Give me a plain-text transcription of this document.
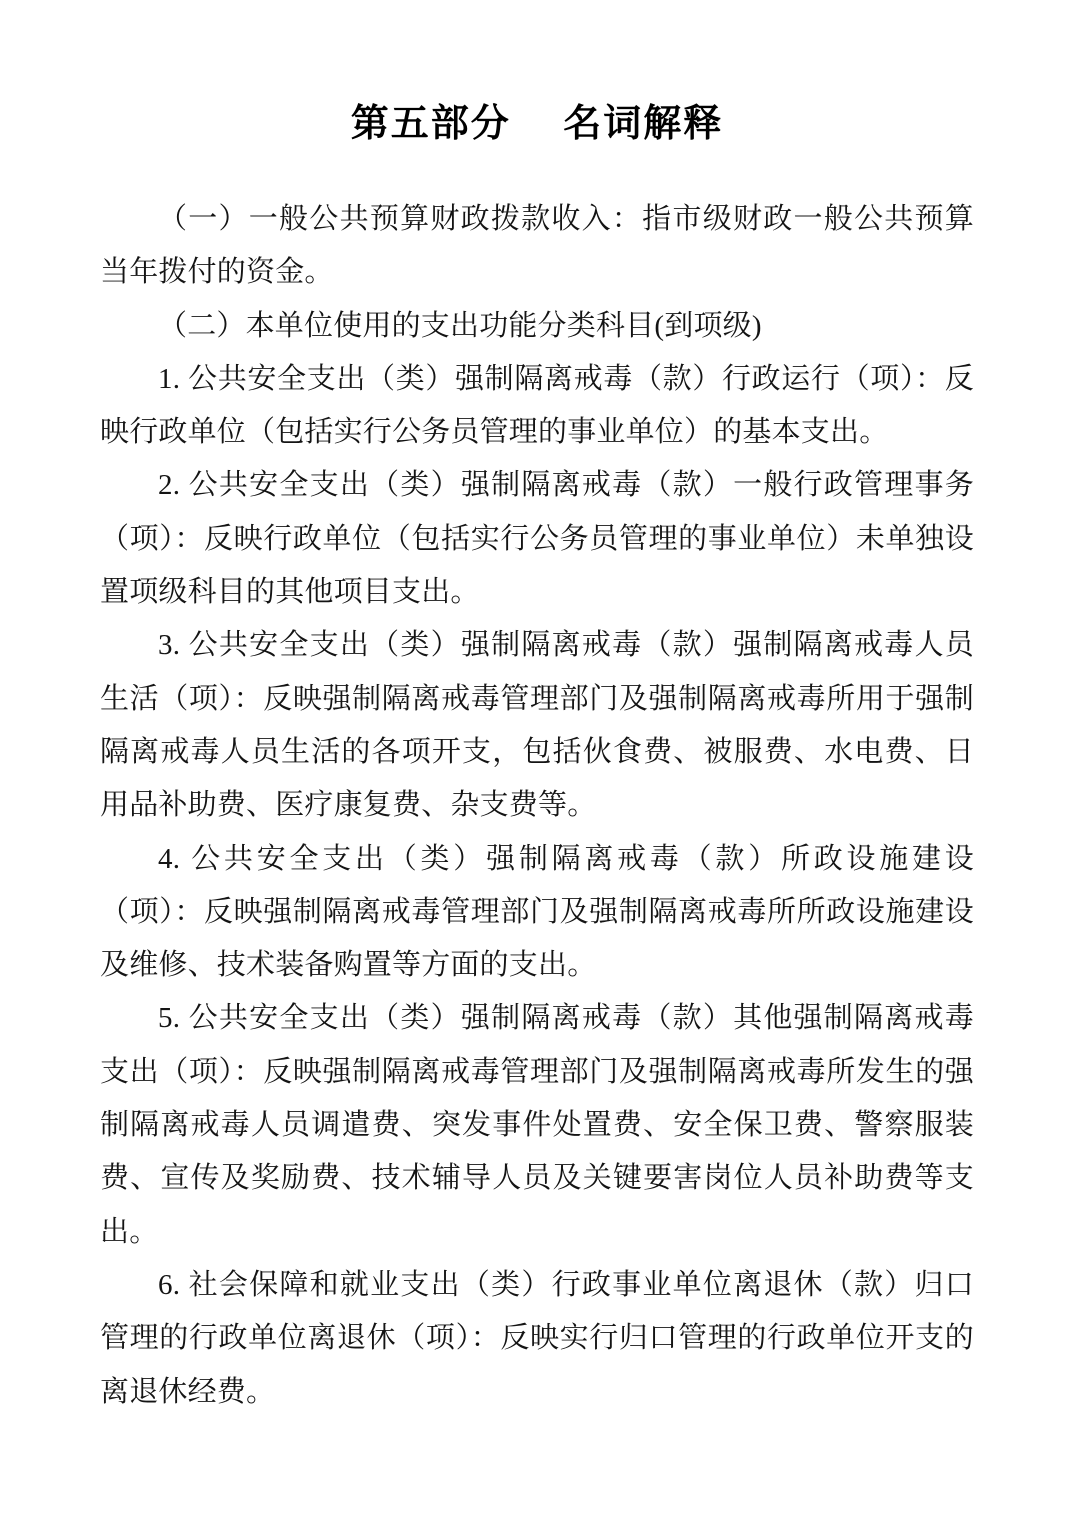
第五部分　 名词解释

（一）一般公共预算财政拨款收入：指市级财政一般公共预算当年拨付的资金。

（二）本单位使用的支出功能分类科目(到项级)

1. 公共安全支出（类）强制隔离戒毒（款）行政运行（项）：反映行政单位（包括实行公务员管理的事业单位）的基本支出。

2. 公共安全支出（类）强制隔离戒毒（款）一般行政管理事务（项）：反映行政单位（包括实行公务员管理的事业单位）未单独设置项级科目的其他项目支出。

3. 公共安全支出（类）强制隔离戒毒（款）强制隔离戒毒人员生活（项）：反映强制隔离戒毒管理部门及强制隔离戒毒所用于强制隔离戒毒人员生活的各项开支，包括伙食费、被服费、水电费、日用品补助费、医疗康复费、杂支费等。

4. 公共安全支出（类）强制隔离戒毒（款）所政设施建设（项）：反映强制隔离戒毒管理部门及强制隔离戒毒所所政设施建设及维修、技术装备购置等方面的支出。

5. 公共安全支出（类）强制隔离戒毒（款）其他强制隔离戒毒支出（项）：反映强制隔离戒毒管理部门及强制隔离戒毒所发生的强制隔离戒毒人员调遣费、突发事件处置费、安全保卫费、警察服装费、宣传及奖励费、技术辅导人员及关键要害岗位人员补助费等支出。

6. 社会保障和就业支出（类）行政事业单位离退休（款）归口管理的行政单位离退休（项）：反映实行归口管理的行政单位开支的离退休经费。
